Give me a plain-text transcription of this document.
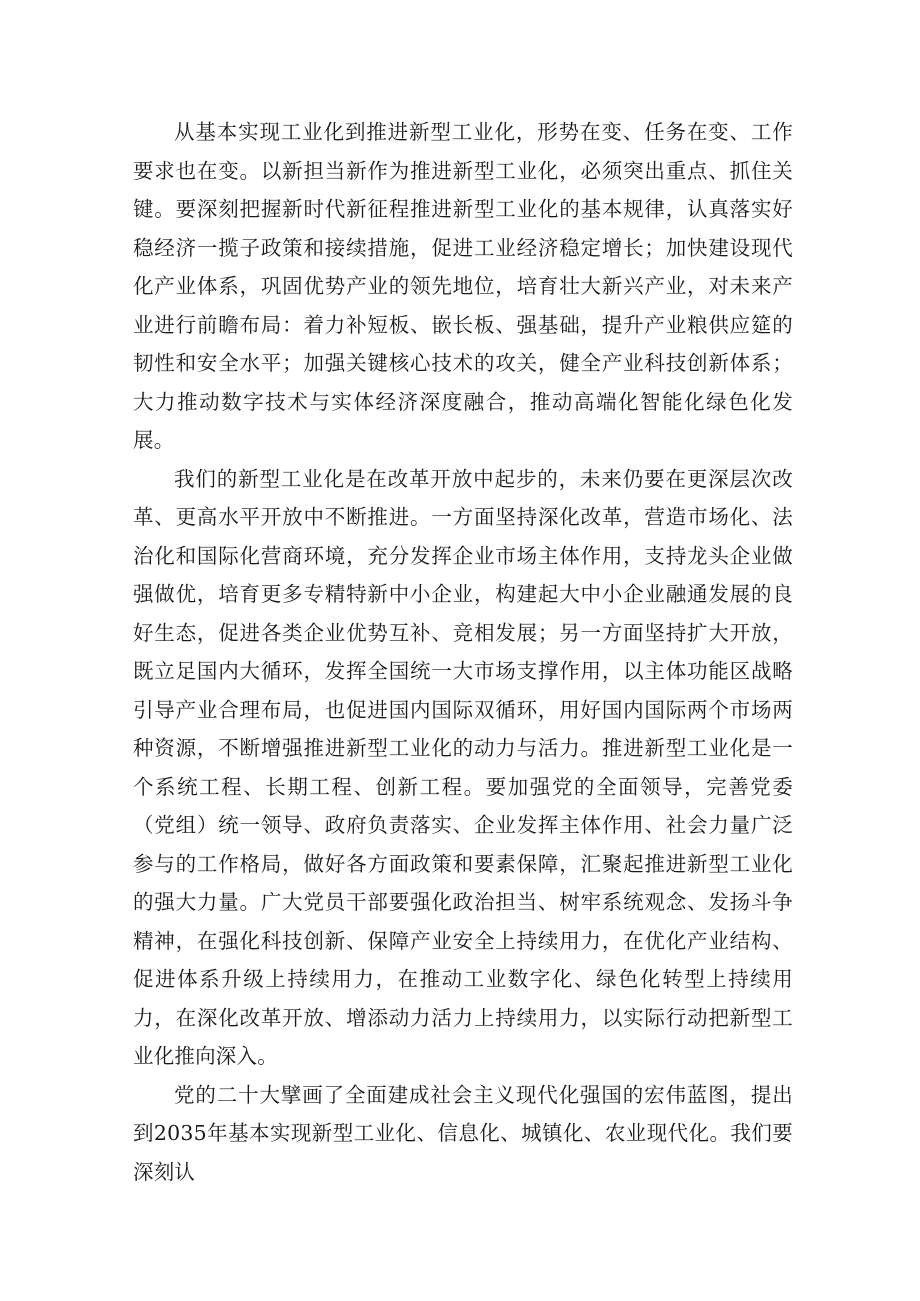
从基本实现工业化到推进新型工业化，形势在变、任务在变、工作要求也在变。以新担当新作为推进新型工业化，必须突出重点、抓住关键。要深刻把握新时代新征程推进新型工业化的基本规律，认真落实好稳经济一揽子政策和接续措施，促进工业经济稳定增长；加快建设现代化产业体系，巩固优势产业的领先地位，培育壮大新兴产业，对未来产业进行前瞻布局：着力补短板、嵌长板、强基础，提升产业粮供应筵的韧性和安全水平；加强关键核心技术的攻关，健全产业科技创新体系；大力推动数字技术与实体经济深度融合，推动高端化智能化绿色化发展。

我们的新型工业化是在改革开放中起步的，未来仍要在更深层次改革、更高水平开放中不断推进。一方面坚持深化改革，营造市场化、法治化和国际化营商环境，充分发挥企业市场主体作用，支持龙头企业做强做优，培育更多专精特新中小企业，构建起大中小企业融通发展的良好生态，促进各类企业优势互补、竞相发展；另一方面坚持扩大开放，既立足国内大循环，发挥全国统一大市场支撑作用，以主体功能区战略引导产业合理布局，也促进国内国际双循环，用好国内国际两个市场两种资源，不断增强推进新型工业化的动力与活力。推进新型工业化是一个系统工程、长期工程、创新工程。要加强党的全面领导，完善党委（党组）统一领导、政府负责落实、企业发挥主体作用、社会力量广泛参与的工作格局，做好各方面政策和要素保障，汇聚起推进新型工业化的强大力量。广大党员干部要强化政治担当、树牢系统观念、发扬斗争精神，在强化科技创新、保障产业安全上持续用力，在优化产业结构、促进体系升级上持续用力，在推动工业数字化、绿色化转型上持续用力，在深化改革开放、增添动力活力上持续用力，以实际行动把新型工业化推向深入。

党的二十大擘画了全面建成社会主义现代化强国的宏伟蓝图，提出到2035年基本实现新型工业化、信息化、城镇化、农业现代化。我们要深刻认
